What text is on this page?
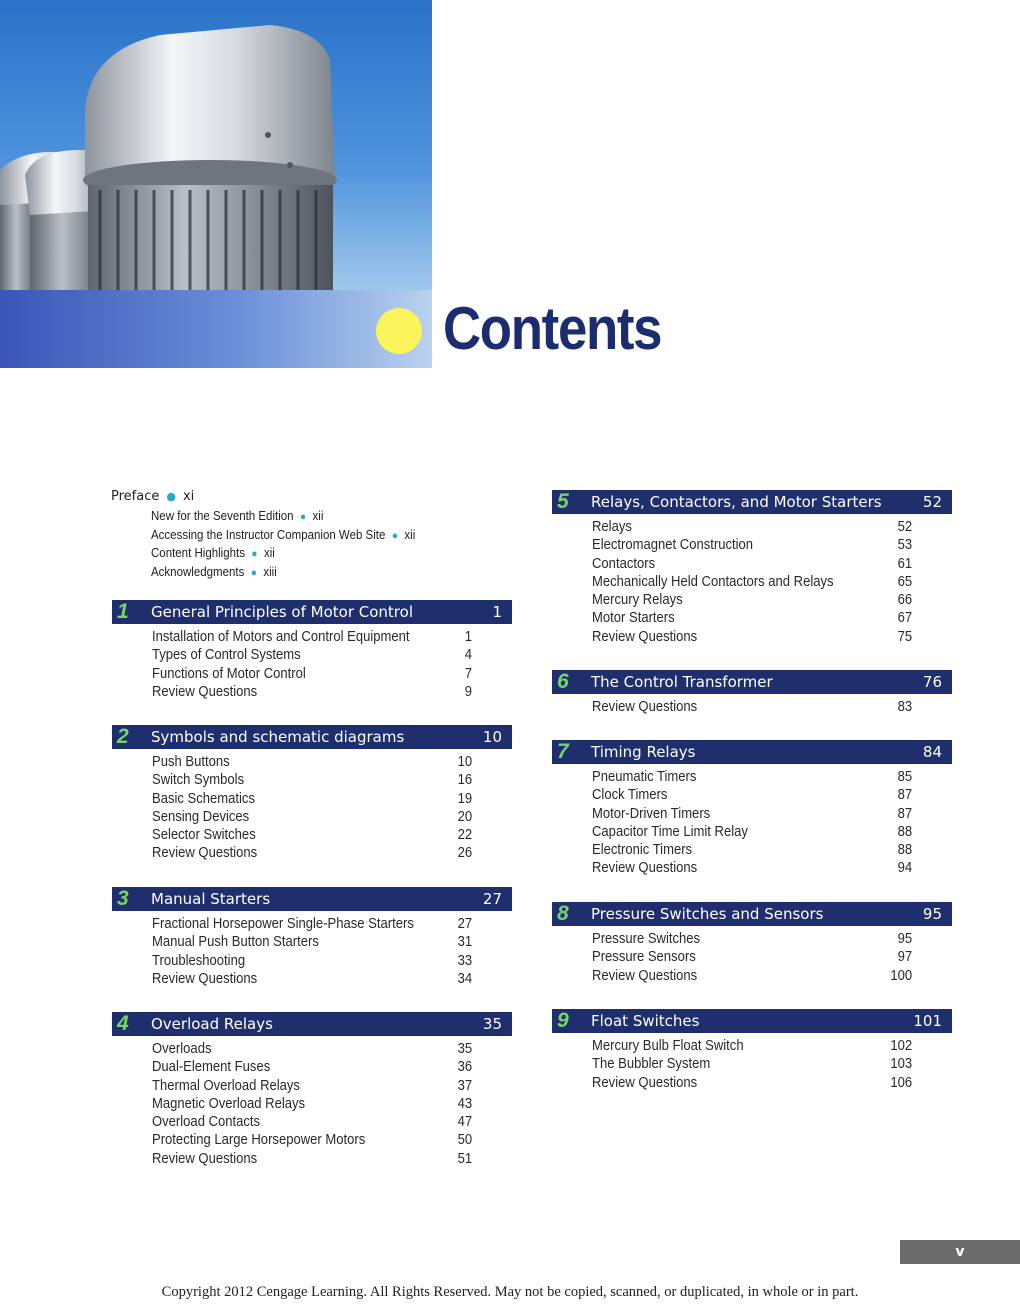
Contents
Preface ● xi
New for the Seventh Edition ● xii
Accessing the Instructor Companion Web Site ● xii
Content Highlights ● xii
Acknowledgments ● xiii
1 General Principles of Motor Control	1
Installation of Motors and Control Equipment	1
Types of Control Systems	4
Functions of Motor Control	7
Review Questions	9
2 Symbols and schematic diagrams	10
Push Buttons	10
Switch Symbols	16
Basic Schematics	19
Sensing Devices	20
Selector Switches	22
Review Questions	26
3 Manual Starters	27
Fractional Horsepower Single-Phase Starters	27
Manual Push Button Starters	31
Troubleshooting	33
Review Questions	34
4 Overload Relays	35
Overloads	35
Dual-Element Fuses	36
Thermal Overload Relays	37
Magnetic Overload Relays	43
Overload Contacts	47
Protecting Large Horsepower Motors	50
Review Questions	51
5 Relays, Contactors, and Motor Starters	52
Relays	52
Electromagnet Construction	53
Contactors	61
Mechanically Held Contactors and Relays	65
Mercury Relays	66
Motor Starters	67
Review Questions	75
6 The Control Transformer	76
Review Questions	83
7 Timing Relays	84
Pneumatic Timers	85
Clock Timers	87
Motor-Driven Timers	87
Capacitor Time Limit Relay	88
Electronic Timers	88
Review Questions	94
8 Pressure Switches and Sensors	95
Pressure Switches	95
Pressure Sensors	97
Review Questions	100
9 Float Switches	101
Mercury Bulb Float Switch	102
The Bubbler System	103
Review Questions	106
v
Copyright 2012 Cengage Learning. All Rights Reserved. May not be copied, scanned, or duplicated, in whole or in part.
